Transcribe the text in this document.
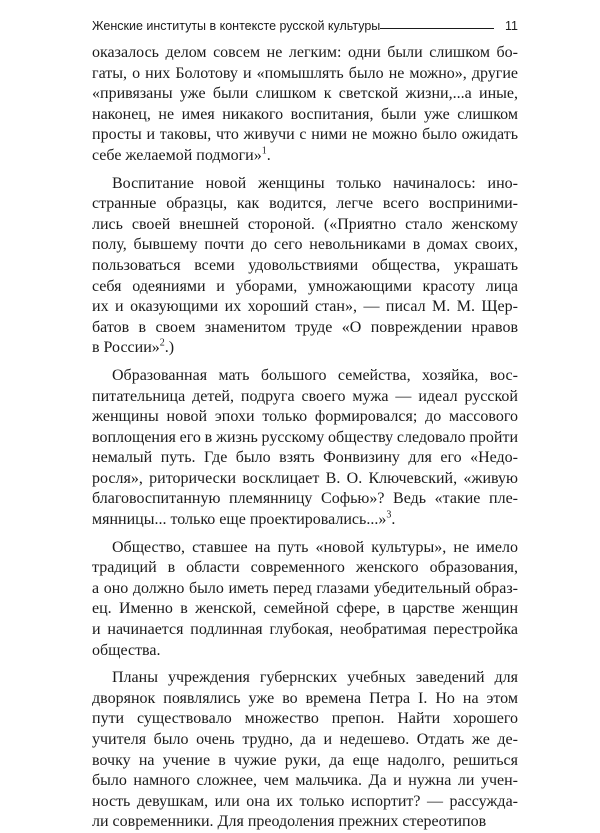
Женские институты в контексте русской культуры	11

оказалось делом совсем не легким: одни были слишком бо-
гаты, о них Болотову и «помышлять было не можно», другие
«привязаны уже были слишком к светской жизни,...а иные,
наконец, не имея никакого воспитания, были уже слишком
просты и таковы, что живучи с ними не можно было ожидать
себе желаемой подмоги»$^1$.

Воспитание новой женщины только начиналось: ино-
странные образцы, как водится, легче всего восприними-
лись своей внешней стороной. («Приятно стало женскому
полу, бывшему почти до сего невольниками в домах своих,
пользоваться всеми удовольствиями общества, украшать
себя одеяниями и уборами, умножающими красоту лица
их и оказующими их хороший стан», — писал М. М. Щер-
батов в своем знаменитом труде «О повреждении нравов
в России»$^2$.)

Образованная мать большого семейства, хозяйка, вос-
питательница детей, подруга своего мужа — идеал русской
женщины новой эпохи только формировался; до массового
воплощения его в жизнь русскому обществу следовало пройти
немалый путь. Где было взять Фонвизину для его «Недо-
росля», риторически восклицает В. О. Ключевский, «живую
благовоспитанную племянницу Софью»? Ведь «такие пле-
мянницы... только еще проектировались...»$^3$.

Общество, ставшее на путь «новой культуры», не имело
традиций в области современного женского образования,
а оно должно было иметь перед глазами убедительный образ-
ец. Именно в женской, семейной сфере, в царстве женщин
и начинается подлинная глубокая, необратимая перестройка
общества.

Планы учреждения губернских учебных заведений для
дворянок появлялись уже во времена Петра I. Но на этом
пути существовало множество препон. Найти хорошего
учителя было очень трудно, да и недешево. Отдать же де-
вочку на учение в чужие руки, да еще надолго, решиться
было намного сложнее, чем мальчика. Да и нужна ли учен-
ность девушкам, или она их только испортит? — рассужда-
ли современники. Для преодоления прежних стереотипов
